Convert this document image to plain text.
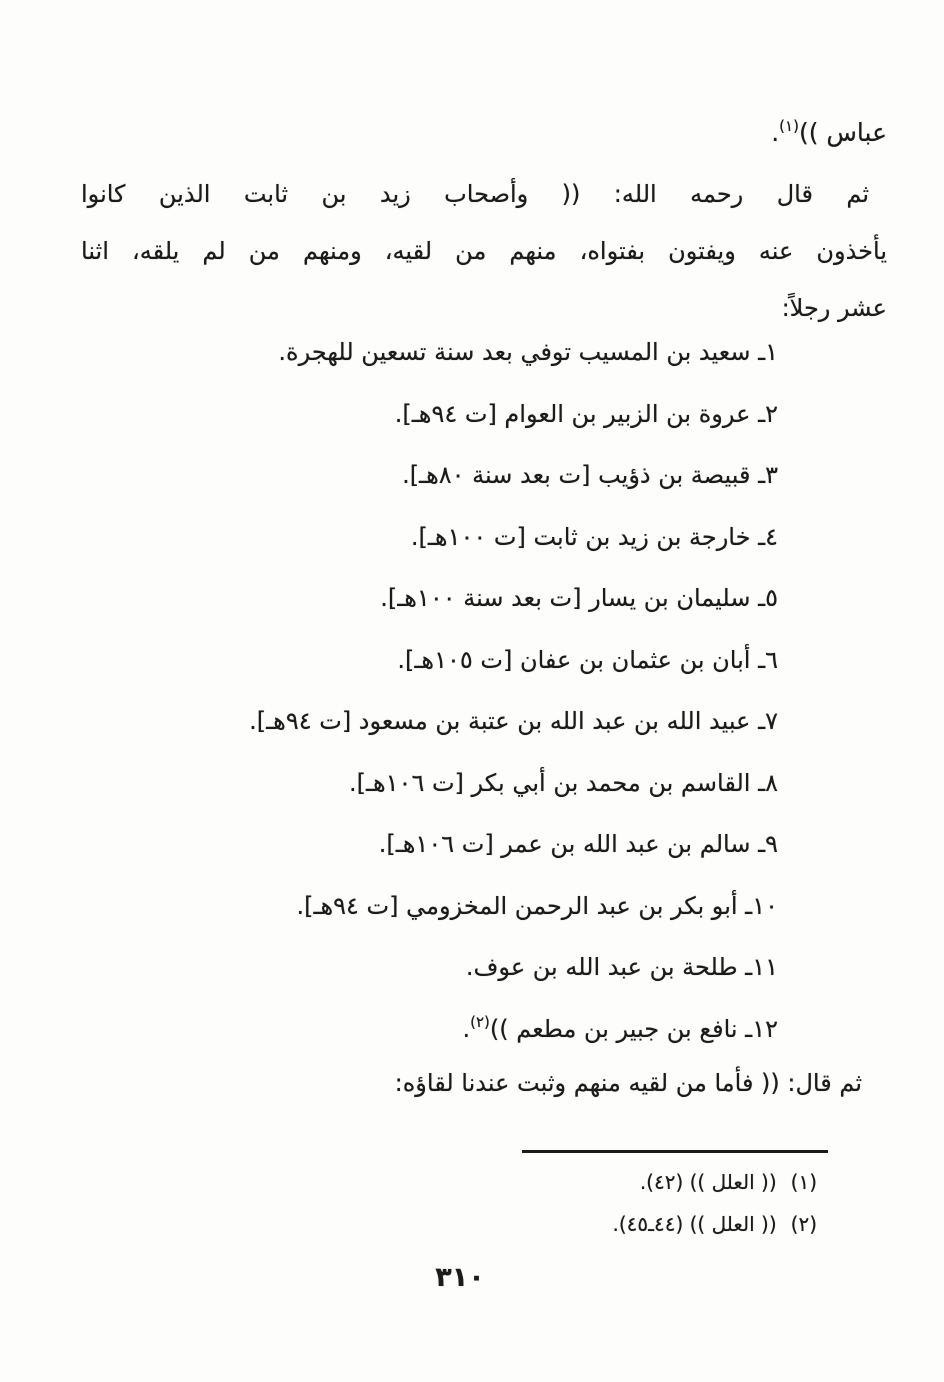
عباس ))$^{(١)}$.
ثم قال رحمه الله: (( وأصحاب زيد بن ثابت الذين كانوا
يأخذون عنه ويفتون بفتواه، منهم من لقيه، ومنهم من لم يلقه، اثنا
عشر رجلاً:
١ـ سعيد بن المسيب توفي بعد سنة تسعين للهجرة.
٢ـ عروة بن الزبير بن العوام [ت ٩٤هـ].
٣ـ قبيصة بن ذؤيب [ت بعد سنة ٨٠هـ].
٤ـ خارجة بن زيد بن ثابت [ت ١٠٠هـ].
٥ـ سليمان بن يسار [ت بعد سنة ١٠٠هـ].
٦ـ أبان بن عثمان بن عفان [ت ١٠٥هـ].
٧ـ عبيد الله بن عبد الله بن عتبة بن مسعود [ت ٩٤هـ].
٨ـ القاسم بن محمد بن أبي بكر [ت ١٠٦هـ].
٩ـ سالم بن عبد الله بن عمر [ت ١٠٦هـ].
١٠ـ أبو بكر بن عبد الرحمن المخزومي [ت ٩٤هـ].
١١ـ طلحة بن عبد الله بن عوف.
١٢ـ نافع بن جبير بن مطعم ))$^{(٢)}$.
ثم قال: (( فأما من لقيه منهم وثبت عندنا لقاؤه:
(١)(( العلل )) (٤٢).
(٢)(( العلل )) (٤٤ـ٤٥).
٣١٠
